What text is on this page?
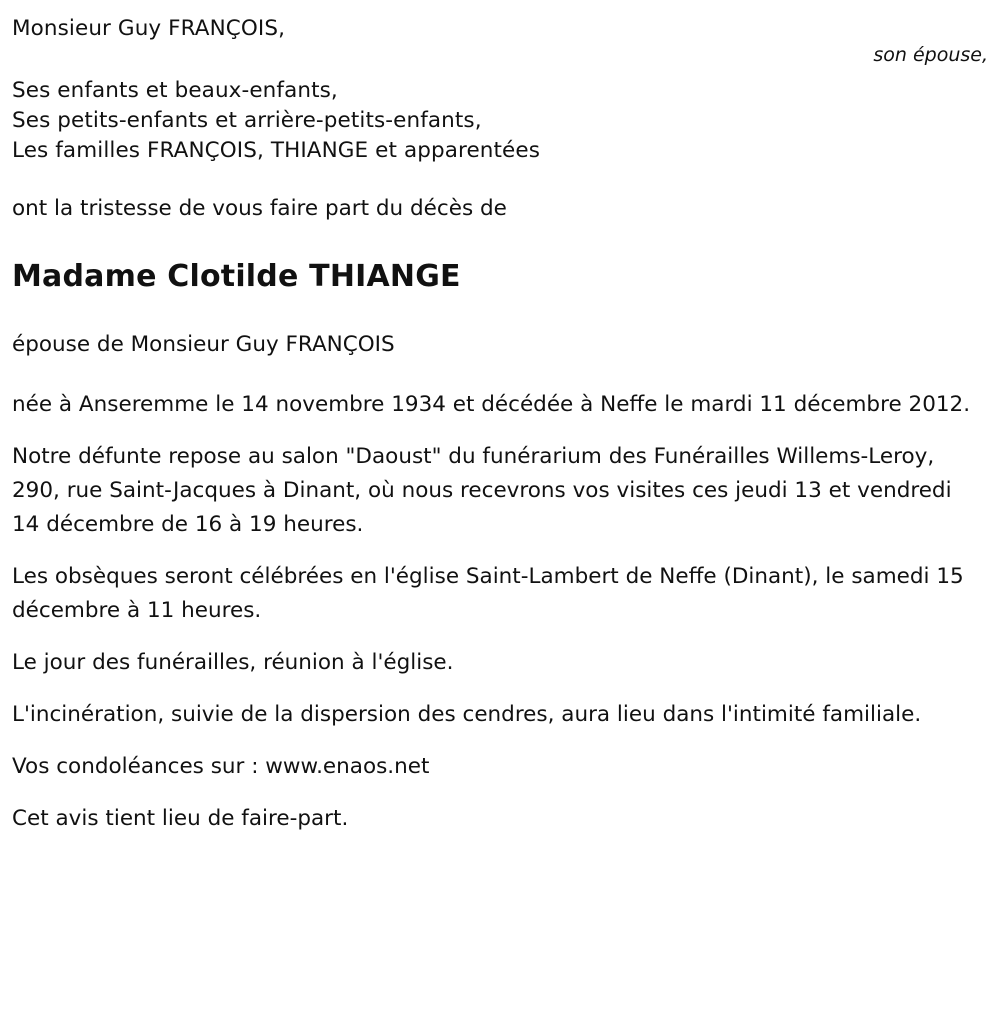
Monsieur Guy FRANÇOIS,
son épouse,
Ses enfants et beaux-enfants,
Ses petits-enfants et arrière-petits-enfants,
Les familles FRANÇOIS, THIANGE et apparentées
ont la tristesse de vous faire part du décès de
Madame Clotilde THIANGE
épouse de Monsieur Guy FRANÇOIS
née à Anseremme le 14 novembre 1934 et décédée à Neffe le mardi 11 décembre 2012.
Notre défunte repose au salon "Daoust" du funérarium des Funérailles Willems-Leroy, 290, rue Saint-Jacques à Dinant, où nous recevrons vos visites ces jeudi 13 et vendredi 14 décembre de 16 à 19 heures.
Les obsèques seront célébrées en l'église Saint-Lambert de Neffe (Dinant), le samedi 15 décembre à 11 heures.
Le jour des funérailles, réunion à l'église.
L'incinération, suivie de la dispersion des cendres, aura lieu dans l'intimité familiale.
Vos condoléances sur : www.enaos.net
Cet avis tient lieu de faire-part.
